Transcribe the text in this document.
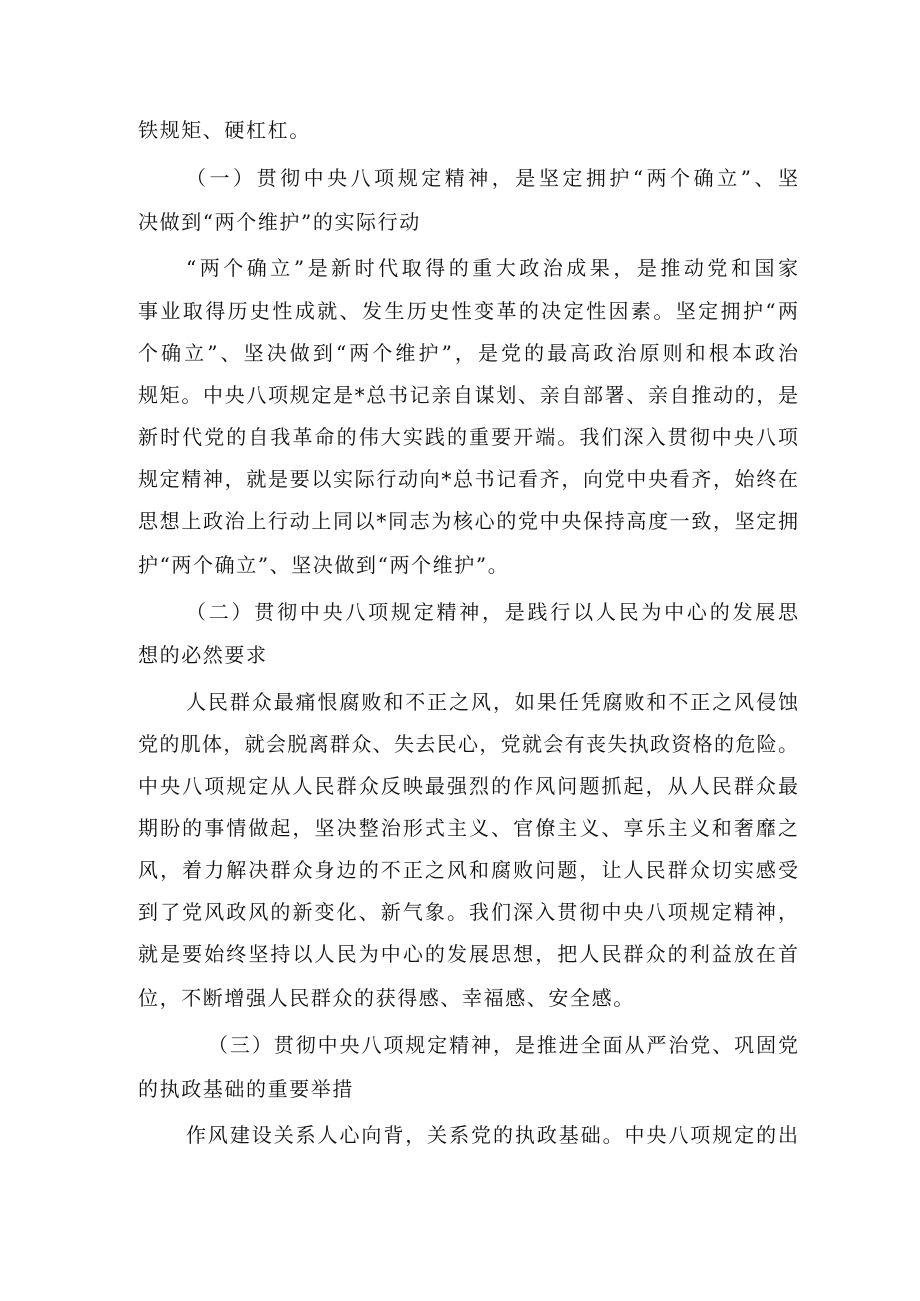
铁规矩、硬杠杠。
（一）贯彻中央八项规定精神，是坚定拥护“两个确立”、坚
决做到“两个维护”的实际行动
“两个确立”是新时代取得的重大政治成果，是推动党和国家
事业取得历史性成就、发生历史性变革的决定性因素。坚定拥护“两
个确立”、坚决做到“两个维护”，是党的最高政治原则和根本政治
规矩。中央八项规定是*总书记亲自谋划、亲自部署、亲自推动的，是
新时代党的自我革命的伟大实践的重要开端。我们深入贯彻中央八项
规定精神，就是要以实际行动向*总书记看齐，向党中央看齐，始终在
思想上政治上行动上同以*同志为核心的党中央保持高度一致，坚定拥
护“两个确立”、坚决做到“两个维护”。
（二）贯彻中央八项规定精神，是践行以人民为中心的发展思
想的必然要求
人民群众最痛恨腐败和不正之风，如果任凭腐败和不正之风侵蚀
党的肌体，就会脱离群众、失去民心，党就会有丧失执政资格的危险。
中央八项规定从人民群众反映最强烈的作风问题抓起，从人民群众最
期盼的事情做起，坚决整治形式主义、官僚主义、享乐主义和奢靡之
风，着力解决群众身边的不正之风和腐败问题，让人民群众切实感受
到了党风政风的新变化、新气象。我们深入贯彻中央八项规定精神，
就是要始终坚持以人民为中心的发展思想，把人民群众的利益放在首
位，不断增强人民群众的获得感、幸福感、安全感。
（三）贯彻中央八项规定精神，是推进全面从严治党、巩固党
的执政基础的重要举措
作风建设关系人心向背，关系党的执政基础。中央八项规定的出
